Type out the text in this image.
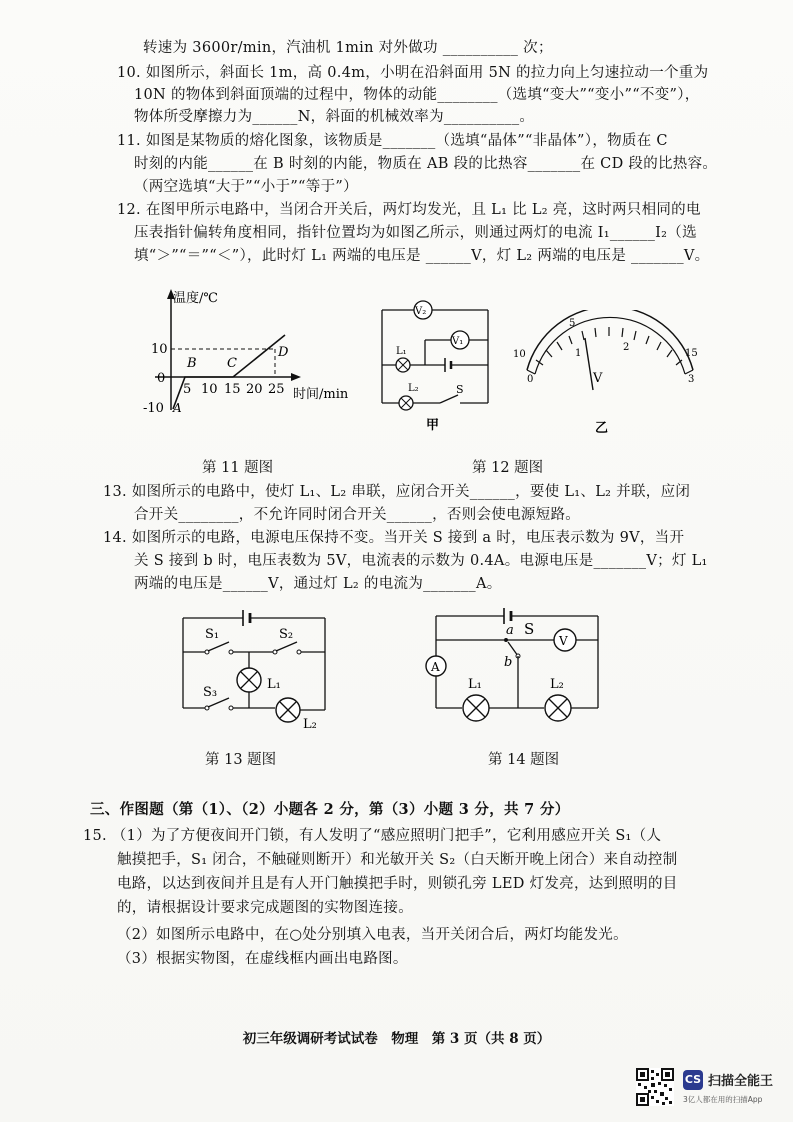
转速为 3600r/min，汽油机 1min 对外做功 __________ 次；
10. 如图所示，斜面长 1m，高 0.4m，小明在沿斜面用 5N 的拉力向上匀速拉动一个重为
10N 的物体到斜面顶端的过程中，物体的动能________（选填“变大”“变小”“不变”），
物体所受摩擦力为______N，斜面的机械效率为__________。
11. 如图是某物质的熔化图象，该物质是_______（选填“晶体”“非晶体”），物质在 C
时刻的内能______在 B 时刻的内能，物质在 AB 段的比热容_______在 CD 段的比热容。
（两空选填“大于”“小于”“等于”）
12. 在图甲所示电路中，当闭合开关后，两灯均发光，且 L₁ 比 L₂ 亮，这时两只相同的电
压表指针偏转角度相同，指针位置均为如图乙所示，则通过两灯的电流 I₁______I₂（选
填“＞”“＝”“＜”），此时灯 L₁ 两端的电压是 ______V，灯 L₂ 两端的电压是 _______V。
温度/℃
时间/min
10
0
-10
5 10 15 20 25
A
B C
D
V₂
V₁
L₁
L₂	S
甲
5
10	15
0
1
2
3
V
乙
第 11 题图	第 12 题图
13. 如图所示的电路中，使灯 L₁、L₂ 串联，应闭合开关______，要使 L₁、L₂ 并联，应闭
合开关________，不允许同时闭合开关______，否则会使电源短路。
14. 如图所示的电路，电源电压保持不变。当开关 S 接到 a 时，电压表示数为 9V，当开
关 S 接到 b 时，电压表数为 5V，电流表的示数为 0.4A。电源电压是_______V；灯 L₁
两端的电压是______V，通过灯 L₂ 的电流为_______A。
S₁	S₂
L₁
S₃
L₂
a S
b
V
A
L₁	L₂
第 13 题图	第 14 题图
三、作图题（第（1）、（2）小题各 2 分，第（3）小题 3 分，共 7 分）
15. （1）为了方便夜间开门锁，有人发明了“感应照明门把手”，它利用感应开关 S₁（人
触摸把手，S₁ 闭合，不触碰则断开）和光敏开关 S₂（白天断开晚上闭合）来自动控制
电路，以达到夜间并且是有人开门触摸把手时，则锁孔旁 LED 灯发亮，达到照明的目
的，请根据设计要求完成题图的实物图连接。
（2）如图所示电路中，在○处分别填入电表，当开关闭合后，两灯均能发光。
（3）根据实物图，在虚线框内画出电路图。
初三年级调研考试试卷　物理　第 3 页（共 8 页）
CS 扫描全能王
3亿人都在用的扫描App
